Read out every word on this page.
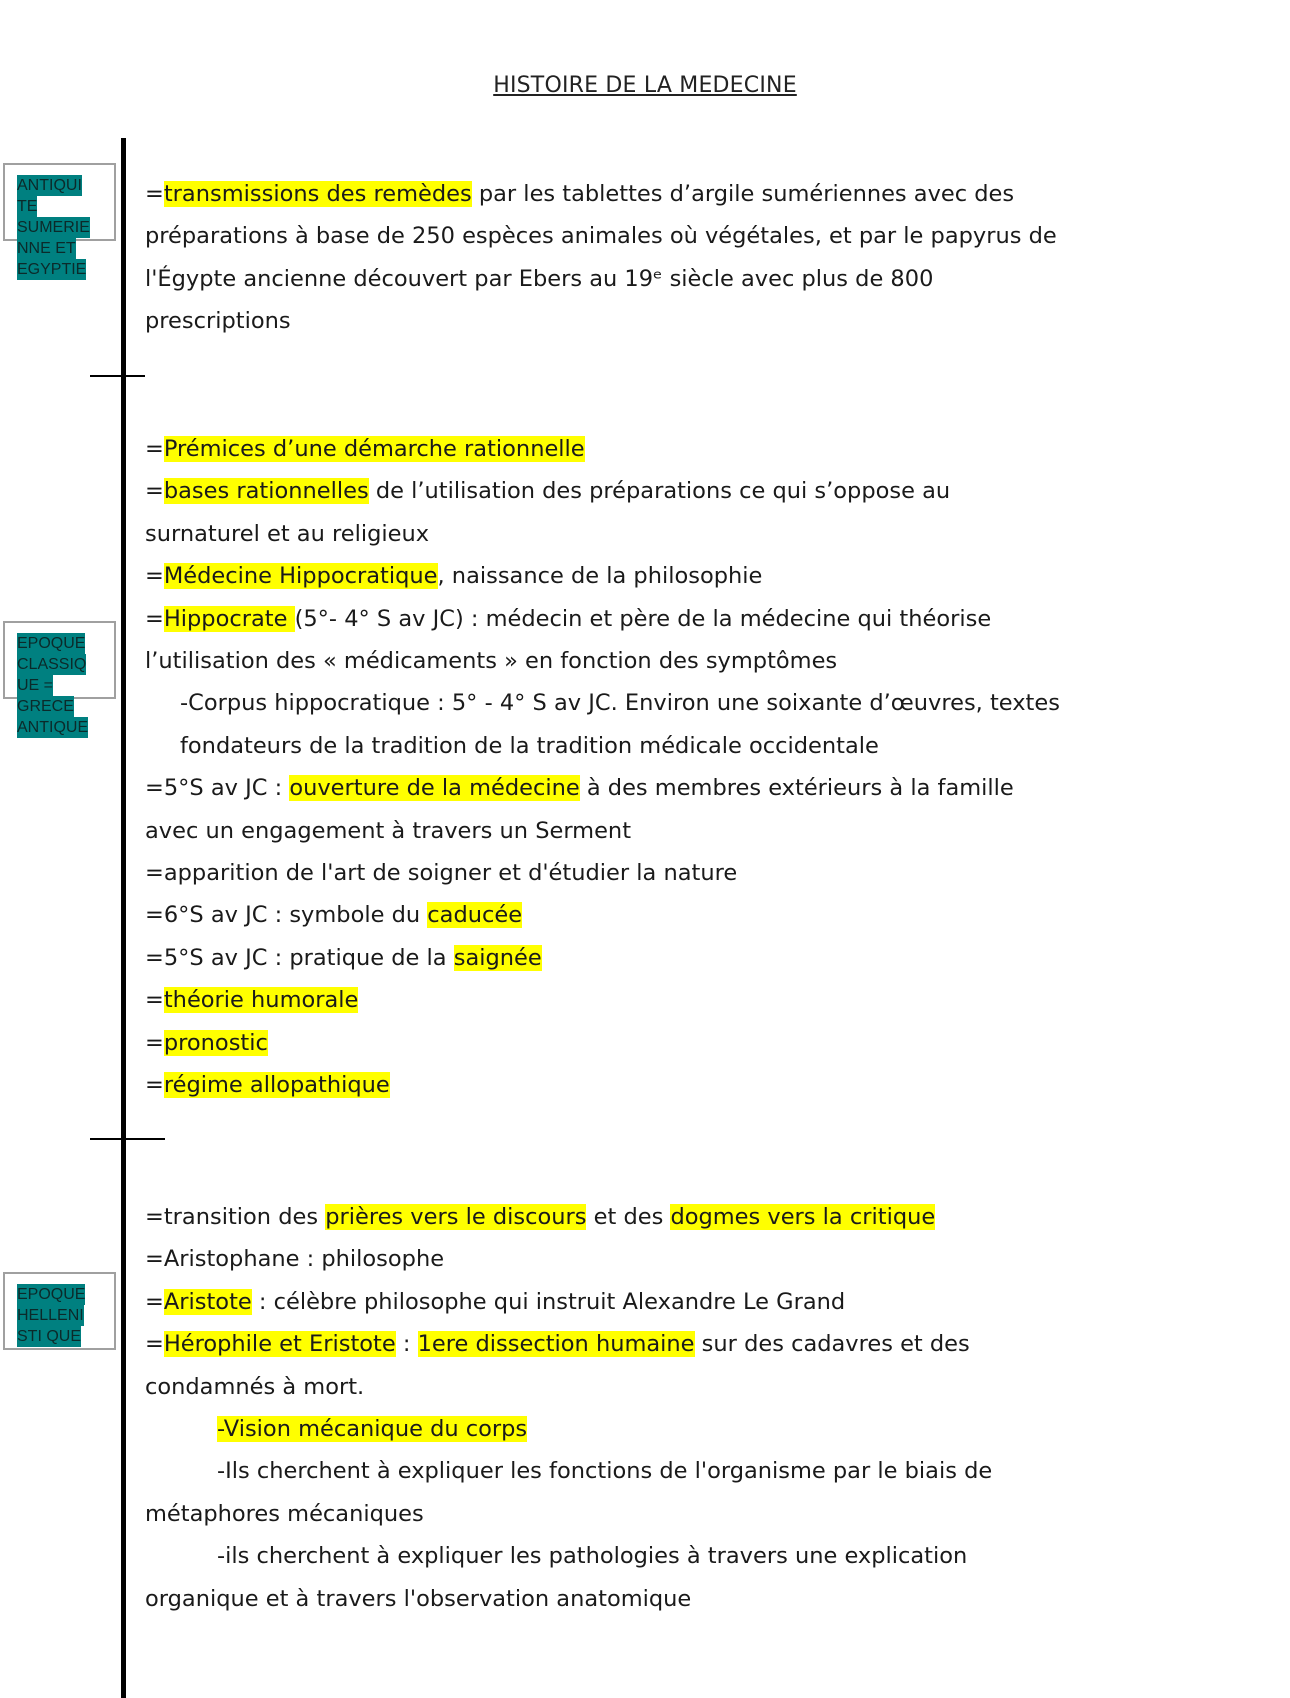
HISTOIRE DE LA MEDECINE
ANTIQUI
TE
SUMERIE
NNE ET
EGYPTIE

EPOQUE
CLASSIQ
UE =
GRECE
ANTIQUE

EPOQUE
HELLENI
STI QUE

=transmissions des remèdes par les tablettes d’argile sumériennes avec des
préparations à base de 250 espèces animales où végétales, et par le papyrus de
l'Égypte ancienne découvert par Ebers au 19ᵉ siècle avec plus de 800
prescriptions
=Prémices d’une démarche rationnelle
=bases rationnelles de l’utilisation des préparations ce qui s’oppose au
surnaturel et au religieux
=Médecine Hippocratique, naissance de la philosophie
=Hippocrate (5°- 4° S av JC) : médecin et père de la médecine qui théorise
l’utilisation des « médicaments » en fonction des symptômes
-Corpus hippocratique : 5° - 4° S av JC. Environ une soixante d’œuvres, textes
fondateurs de la tradition de la tradition médicale occidentale
=5°S av JC : ouverture de la médecine à des membres extérieurs à la famille
avec un engagement à travers un Serment
=apparition de l'art de soigner et d'étudier la nature
=6°S av JC : symbole du caducée
=5°S av JC : pratique de la saignée
=théorie humorale
=pronostic
=régime allopathique
=transition des prières vers le discours et des dogmes vers la critique
=Aristophane : philosophe
=Aristote : célèbre philosophe qui instruit Alexandre Le Grand
=Hérophile et Eristote : 1ere dissection humaine sur des cadavres et des
condamnés à mort.
-Vision mécanique du corps
-Ils cherchent à expliquer les fonctions de l'organisme par le biais de
métaphores mécaniques
-ils cherchent à expliquer les pathologies à travers une explication
organique et à travers l'observation anatomique
